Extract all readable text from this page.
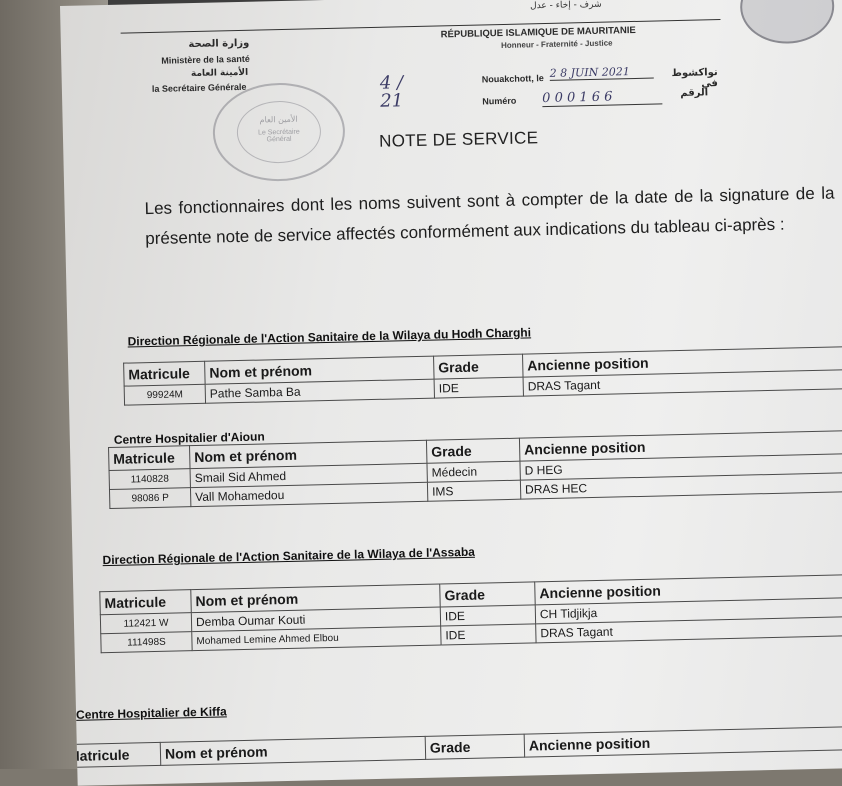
وزارة الصحة
Ministère de la santé
الأمينة العامة
la Secrétaire Générale
الأمين العام
Le Secrétaire Général
4 / 21
شرف - إخاء - عدل
RÉPUBLIQUE ISLAMIQUE DE MAURITANIE
Honneur - Fraternité - Justice
Nouakchott, le 2 8 JUIN 2021	نواكشوط في
Numéro 0 0 0 1 6 6	الرقم
NOTE DE SERVICE
Les fonctionnaires dont les noms suivent sont à compter de la date de la signature de la présente note de service affectés conformément aux indications du tableau ci-après :
Direction Régionale de l'Action Sanitaire de la Wilaya du Hodh Charghi
Matricule	Nom et prénom	Grade	Ancienne position
99924M	Pathe Samba Ba	IDE	DRAS Tagant
Centre Hospitalier d'Aioun
Matricule	Nom et prénom	Grade	Ancienne position
1140828	Smail Sid Ahmed	Médecin	D HEG
98086 P	Vall Mohamedou	IMS	DRAS HEC
Direction Régionale de l'Action Sanitaire de la Wilaya de l'Assaba
Matricule	Nom et prénom	Grade	Ancienne position
112421 W	Demba Oumar Kouti	IDE	CH Tidjikja
111498S	Mohamed Lemine Ahmed Elbou	IDE	DRAS Tagant
Centre Hospitalier de Kiffa
Matricule	Nom et prénom	Grade	Ancienne position
